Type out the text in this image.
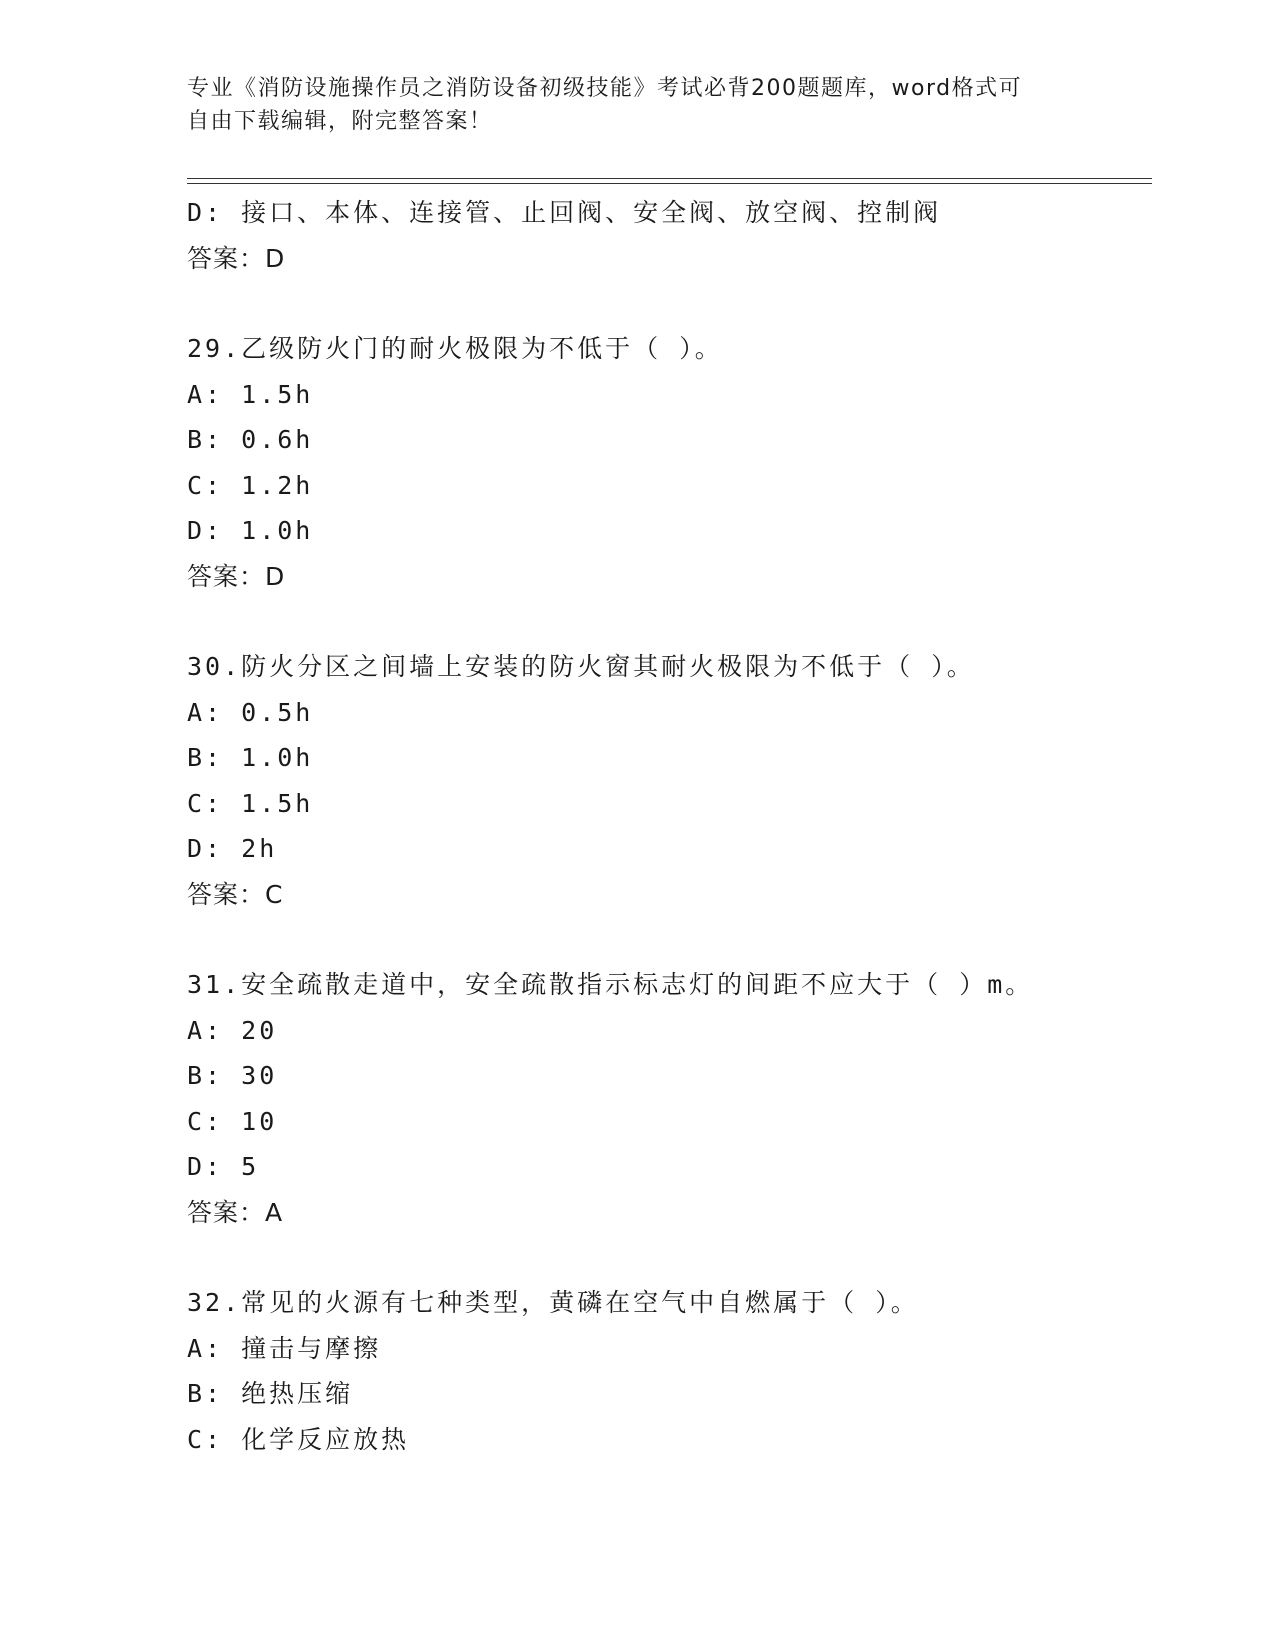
专业《消防设施操作员之消防设备初级技能》考试必背200题题库，word格式可
自由下载编辑，附完整答案！
D: 接口、本体、连接管、止回阀、安全阀、放空阀、控制阀
答案：D
29.乙级防火门的耐火极限为不低于（ ）。
A: 1.5h
B: 0.6h
C: 1.2h
D: 1.0h
答案：D
30.防火分区之间墙上安装的防火窗其耐火极限为不低于（ ）。
A: 0.5h
B: 1.0h
C: 1.5h
D: 2h
答案：C
31.安全疏散走道中，安全疏散指示标志灯的间距不应大于（ ）m。
A: 20
B: 30
C: 10
D: 5
答案：A
32.常见的火源有七种类型，黄磷在空气中自燃属于（ ）。
A: 撞击与摩擦
B: 绝热压缩
C: 化学反应放热
